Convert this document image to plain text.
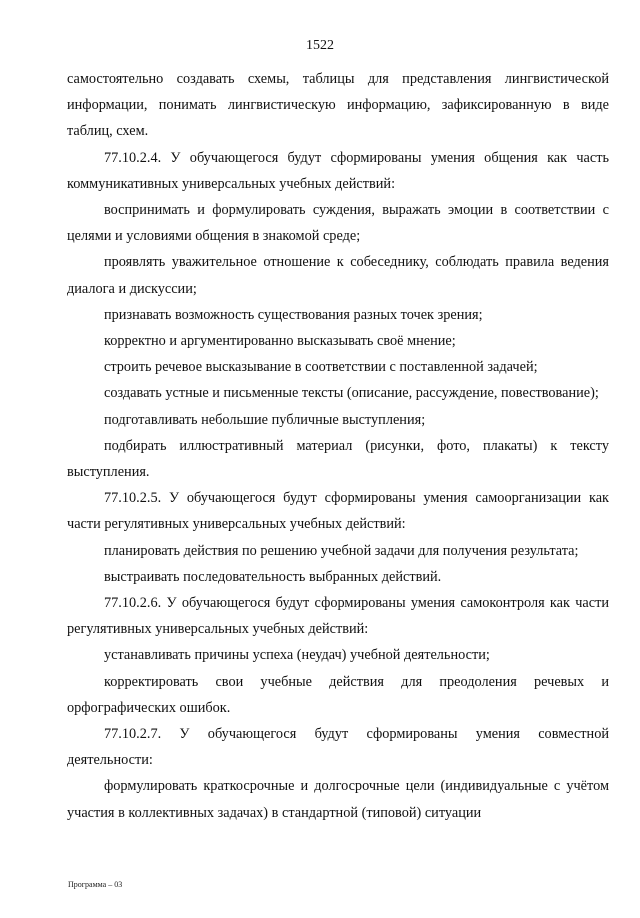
1522

самостоятельно создавать схемы, таблицы для представления лингвистической информации, понимать лингвистическую информацию, зафиксированную в виде таблиц, схем.

77.10.2.4. У обучающегося будут сформированы умения общения как часть коммуникативных универсальных учебных действий:

воспринимать и формулировать суждения, выражать эмоции в соответствии с целями и условиями общения в знакомой среде;

проявлять уважительное отношение к собеседнику, соблюдать правила ведения диалога и дискуссии;

признавать возможность существования разных точек зрения;

корректно и аргументированно высказывать своё мнение;

строить речевое высказывание в соответствии с поставленной задачей;

создавать устные и письменные тексты (описание, рассуждение, повествование);

подготавливать небольшие публичные выступления;

подбирать иллюстративный материал (рисунки, фото, плакаты) к тексту выступления.

77.10.2.5. У обучающегося будут сформированы умения самоорганизации как части регулятивных универсальных учебных действий:

планировать действия по решению учебной задачи для получения результата;

выстраивать последовательность выбранных действий.

77.10.2.6. У обучающегося будут сформированы умения самоконтроля как части регулятивных универсальных учебных действий:

устанавливать причины успеха (неудач) учебной деятельности;

корректировать свои учебные действия для преодоления речевых и орфографических ошибок.

77.10.2.7. У обучающегося будут сформированы умения совместной деятельности:

формулировать краткосрочные и долгосрочные цели (индивидуальные с учётом участия в коллективных задачах) в стандартной (типовой) ситуации

Программа – 03
